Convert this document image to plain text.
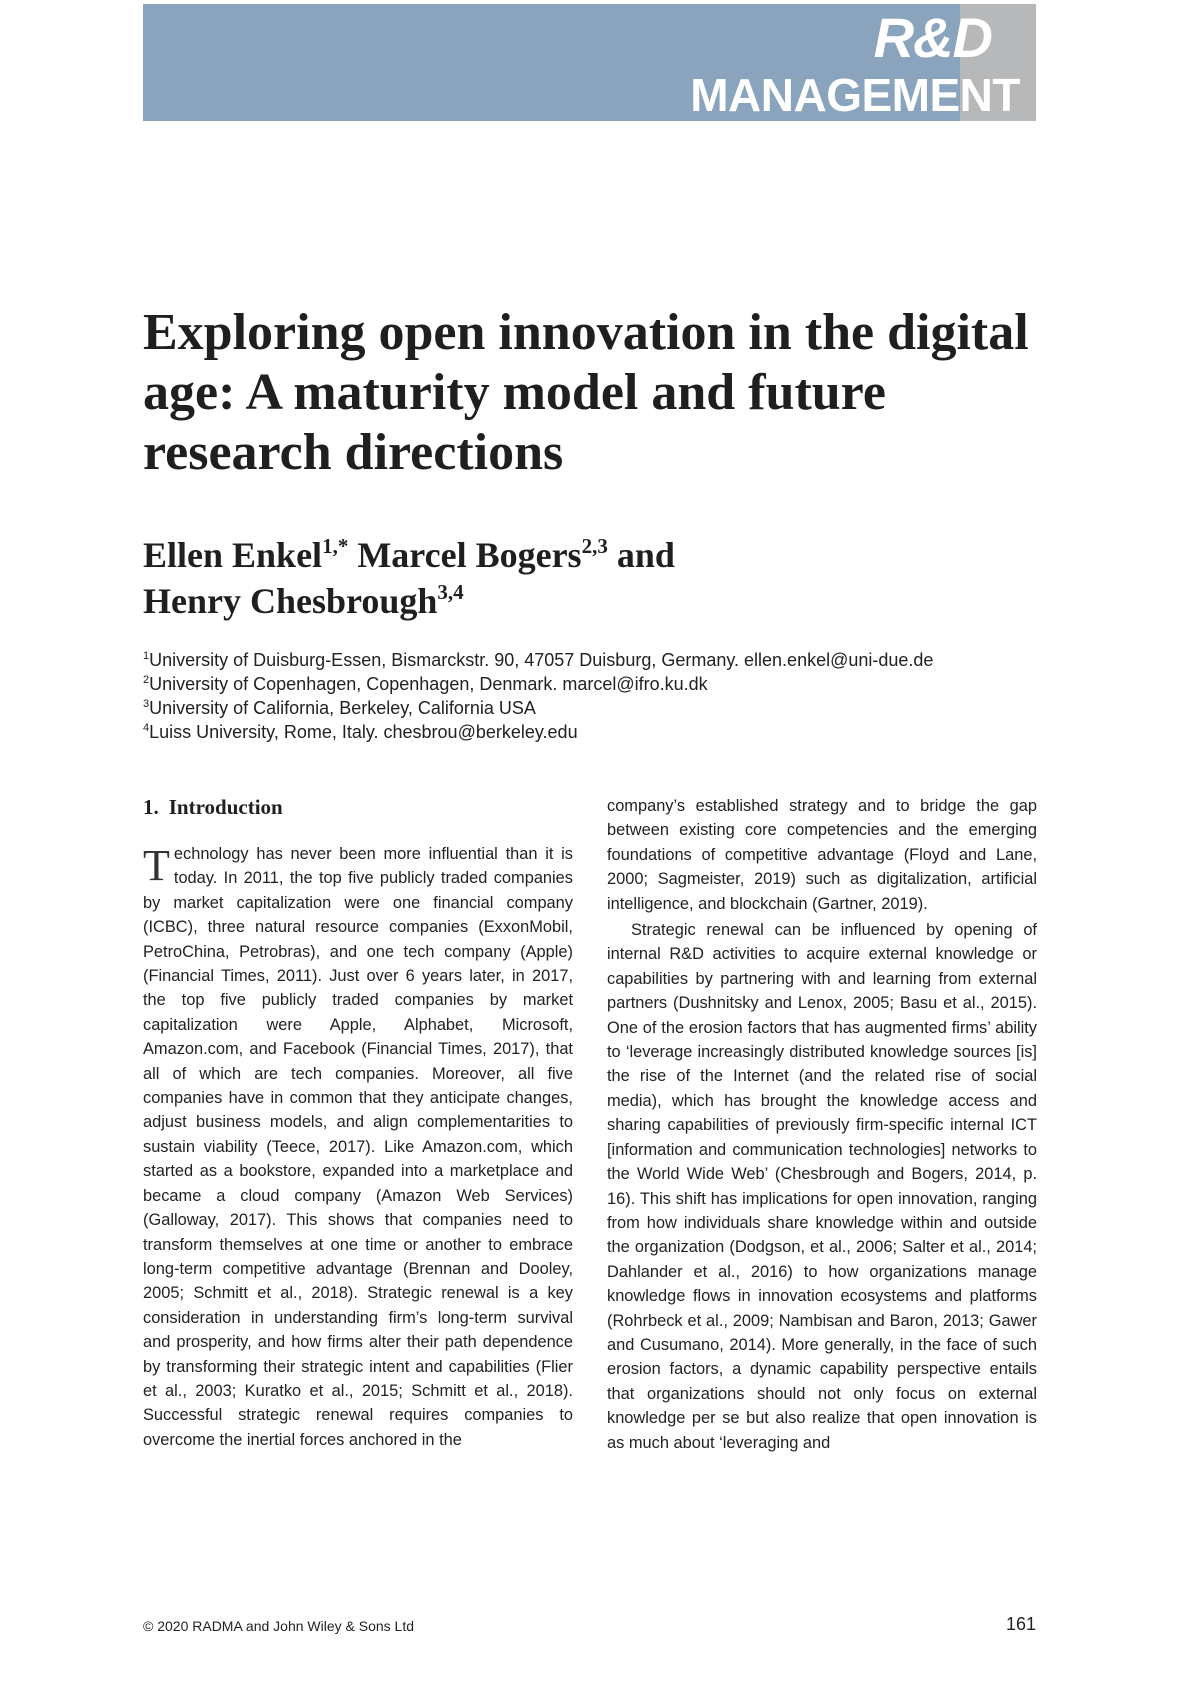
R&D
MANAGEMENT
Exploring open innovation in the digital age: A maturity model and future research directions
Ellen Enkel$^{1,*}$ Marcel Bogers$^{2,3}$ and
Henry Chesbrough$^{3,4}$
$^1$University of Duisburg-Essen, Bismarckstr. 90, 47057 Duisburg, Germany. ellen.enkel@uni-due.de
$^2$University of Copenhagen, Copenhagen, Denmark. marcel@ifro.ku.dk
$^3$University of California, Berkeley, California USA
$^4$Luiss University, Rome, Italy. chesbrou@berkeley.edu
1. Introduction

Technology has never been more influential than it is today. In 2011, the top five publicly traded companies by market capitalization were one financial company (ICBC), three natural resource companies (ExxonMobil, PetroChina, Petrobras), and one tech company (Apple) (Financial Times, 2011). Just over 6 years later, in 2017, the top five publicly traded companies by market capitalization were Apple, Alphabet, Microsoft, Amazon.com, and Facebook (Financial Times, 2017), that all of which are tech companies. Moreover, all five companies have in common that they anticipate changes, adjust business models, and align complementarities to sustain viability (Teece, 2017). Like Amazon.com, which started as a bookstore, expanded into a marketplace and became a cloud company (Amazon Web Services) (Galloway, 2017). This shows that companies need to transform themselves at one time or another to embrace long-term competitive advantage (Brennan and Dooley, 2005; Schmitt et al., 2018). Strategic renewal is a key consideration in understanding firm’s long-term survival and prosperity, and how firms alter their path dependence by transforming their strategic intent and capabilities (Flier et al., 2003; Kuratko et al., 2015; Schmitt et al., 2018). Successful strategic renewal requires companies to overcome the inertial forces anchored in the

company’s established strategy and to bridge the gap between existing core competencies and the emerging foundations of competitive advantage (Floyd and Lane, 2000; Sagmeister, 2019) such as digitalization, artificial intelligence, and blockchain (Gartner, 2019).

Strategic renewal can be influenced by opening of internal R&D activities to acquire external knowledge or capabilities by partnering with and learning from external partners (Dushnitsky and Lenox, 2005; Basu et al., 2015). One of the erosion factors that has augmented firms’ ability to ‘leverage increasingly distributed knowledge sources [is] the rise of the Internet (and the related rise of social media), which has brought the knowledge access and sharing capabilities of previously firm-specific internal ICT [information and communication technologies] networks to the World Wide Web’ (Chesbrough and Bogers, 2014, p. 16). This shift has implications for open innovation, ranging from how individuals share knowledge within and outside the organization (Dodgson, et al., 2006; Salter et al., 2014; Dahlander et al., 2016) to how organizations manage knowledge flows in innovation ecosystems and platforms (Rohrbeck et al., 2009; Nambisan and Baron, 2013; Gawer and Cusumano, 2014). More generally, in the face of such erosion factors, a dynamic capability perspective entails that organizations should not only focus on external knowledge per se but also realize that open innovation is as much about ‘leveraging and

© 2020 RADMA and John Wiley & Sons Ltd	161
